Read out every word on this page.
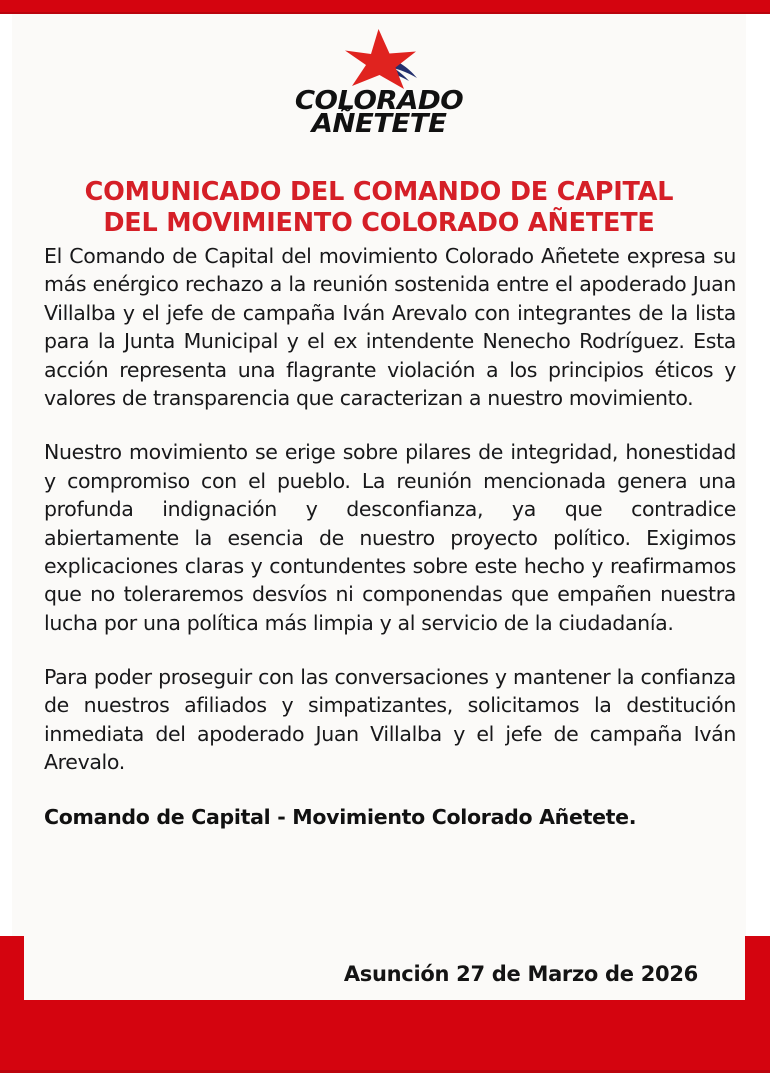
COLORADO
AÑETETE
COMUNICADO DEL COMANDO DE CAPITAL
DEL MOVIMIENTO COLORADO AÑETETE

El Comando de Capital del movimiento Colorado Añetete expresa su más enérgico rechazo a la reunión sostenida entre el apoderado Juan Villalba y el jefe de campaña Iván Arevalo con integrantes de la lista para la Junta Municipal y el ex intendente Nenecho Rodríguez. Esta acción representa una flagrante violación a los principios éticos y valores de transparencia que caracterizan a nuestro movimiento.

Nuestro movimiento se erige sobre pilares de integridad, honestidad y compromiso con el pueblo. La reunión mencionada genera una profunda indignación y desconfianza, ya que contradice abiertamente la esencia de nuestro proyecto político. Exigimos explicaciones claras y contundentes sobre este hecho y reafirmamos que no toleraremos desvíos ni componendas que empañen nuestra lucha por una política más limpia y al servicio de la ciudadanía.

Para poder proseguir con las conversaciones y mantener la confianza de nuestros afiliados y simpatizantes, solicitamos la destitución inmediata del apoderado Juan Villalba y el jefe de campaña Iván Arevalo.

Comando de Capital - Movimiento Colorado Añetete.

Asunción 27 de Marzo de 2026
